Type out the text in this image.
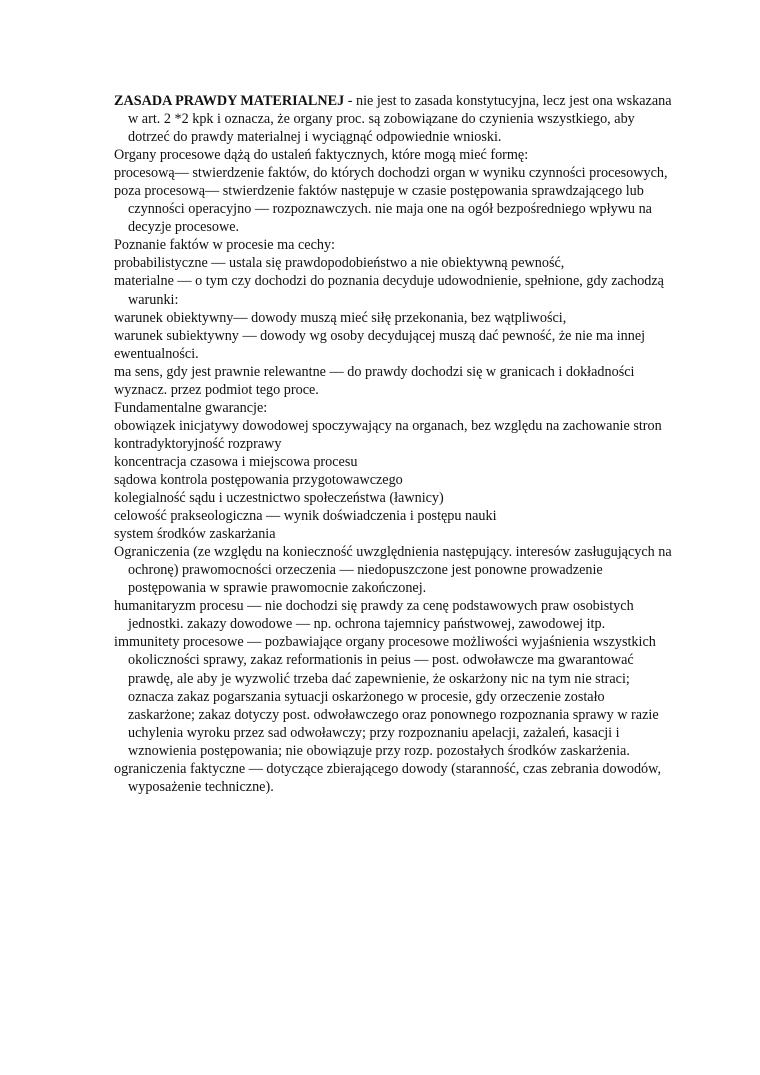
ZASADA PRAWDY MATERIALNEJ - nie jest to zasada konstytucyjna, lecz jest ona wskazana w art. 2 *2 kpk i oznacza, że organy proc. są zobowiązane do czynienia wszystkiego, aby dotrzeć do prawdy materialnej i wyciągnąć odpowiednie wnioski.

Organy procesowe dążą do ustaleń faktycznych, które mogą mieć formę:

procesową— stwierdzenie faktów, do których dochodzi organ w wyniku czynności procesowych,

poza procesową— stwierdzenie faktów następuje w czasie postępowania sprawdzającego lub czynności operacyjno — rozpoznawczych. nie maja one na ogół bezpośredniego wpływu na decyzje procesowe.

Poznanie faktów w procesie ma cechy:

probabilistyczne — ustala się prawdopodobieństwo a nie obiektywną pewność,

materialne — o tym czy dochodzi do poznania decyduje udowodnienie, spełnione, gdy zachodzą warunki:

warunek obiektywny— dowody muszą mieć siłę przekonania, bez wątpliwości,

warunek subiektywny — dowody wg osoby decydującej muszą dać pewność, że nie ma innej ewentualności.

ma sens, gdy jest prawnie relewantne — do prawdy dochodzi się w granicach i dokładności wyznacz. przez podmiot tego proce.

Fundamentalne gwarancje:

obowiązek inicjatywy dowodowej spoczywający na organach, bez względu na zachowanie stron

kontradyktoryjność rozprawy

koncentracja czasowa i miejscowa procesu

sądowa kontrola postępowania przygotowawczego

kolegialność sądu i uczestnictwo społeczeństwa (ławnicy)

celowość prakseologiczna — wynik doświadczenia i postępu nauki

system środków zaskarżania

Ograniczenia (ze względu na konieczność uwzględnienia następujący. interesów zasługujących na ochronę) prawomocności orzeczenia — niedopuszczone jest ponowne prowadzenie postępowania w sprawie prawomocnie zakończonej.

humanitaryzm procesu — nie dochodzi się prawdy za cenę podstawowych praw osobistych jednostki. zakazy dowodowe — np. ochrona tajemnicy państwowej, zawodowej itp.

immunitety procesowe — pozbawiające organy procesowe możliwości wyjaśnienia wszystkich okoliczności sprawy, zakaz reformationis in peius — post. odwoławcze ma gwarantować prawdę, ale aby je wyzwolić trzeba dać zapewnienie, że oskarżony nic na tym nie straci; oznacza zakaz pogarszania sytuacji oskarżonego w procesie, gdy orzeczenie zostało zaskarżone; zakaz dotyczy post. odwoławczego oraz ponownego rozpoznania sprawy w razie uchylenia wyroku przez sad odwoławczy; przy rozpoznaniu apelacji, zażaleń, kasacji i wznowienia postępowania; nie obowiązuje przy rozp. pozostałych środków zaskarżenia.

ograniczenia faktyczne — dotyczące zbierającego dowody (staranność, czas zebrania dowodów, wyposażenie techniczne).
